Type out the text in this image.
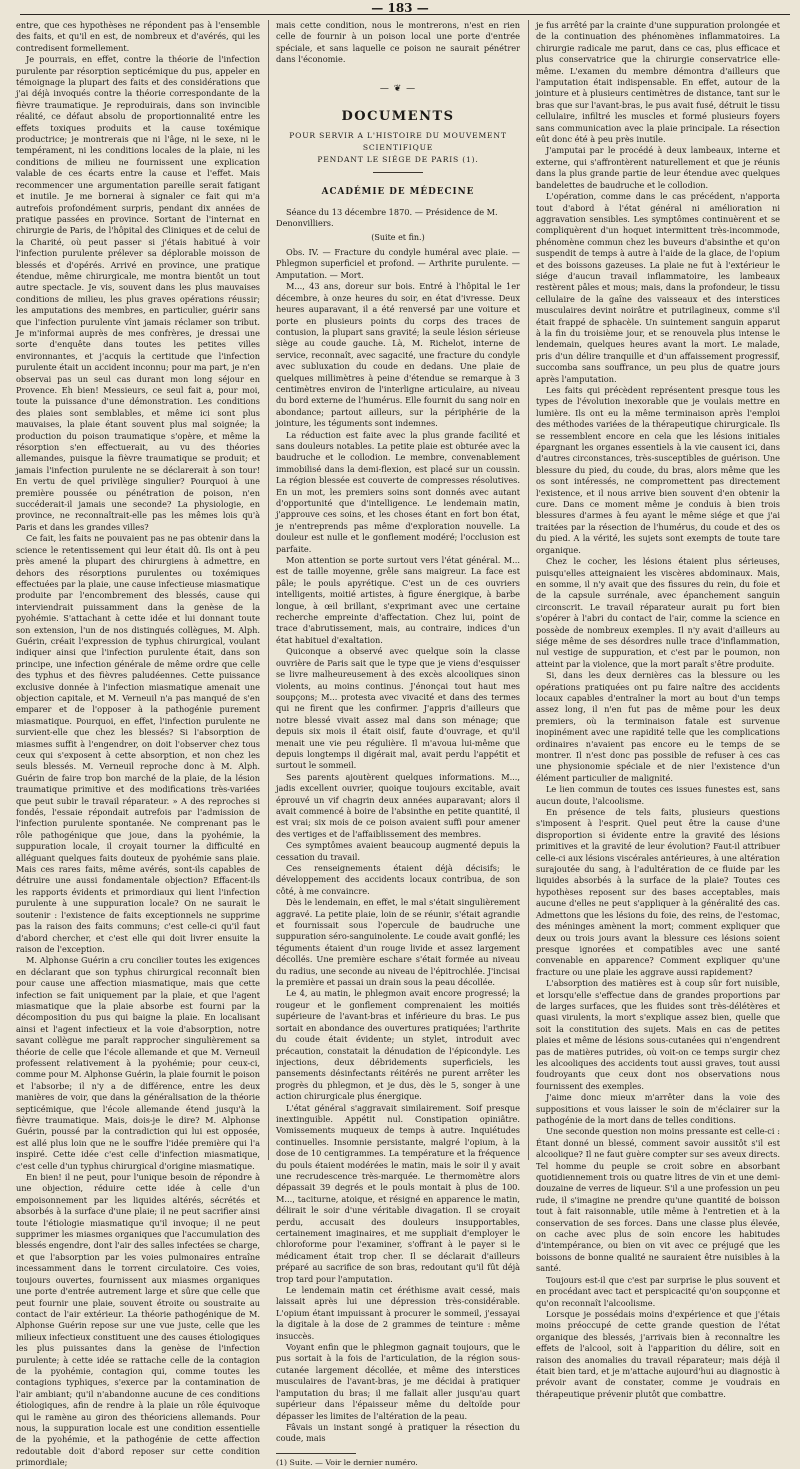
— 183 —

entre, que ces hypothèses ne répondent pas à l'ensemble des faits, et qu'il en est, de nombreux et d'avérés, qui les contredisent formellement.

Je pourrais, en effet, contre la théorie de l'infection purulente par résorption septicémique du pus, appeler en témoignage la plupart des faits et des considérations que j'ai déjà invoqués contre la théorie correspondante de la fièvre traumatique. Je reproduirais, dans son invincible réalité, ce défaut absolu de proportionnalité entre les effets toxiques produits et la cause toxémique productrice; je montrerais que ni l'âge, ni le sexe, ni le tempérament, ni les conditions locales de la plaie, ni les conditions de milieu ne fournissent une explication valable de ces écarts entre la cause et l'effet. Mais recommencer une argumentation pareille serait fatigant et inutile. Je me bornerai à signaler ce fait qui m'a autrefois profondément surpris, pendant dix années de pratique passées en province. Sortant de l'internat en chirurgie de Paris, de l'hôpital des Cliniques et de celui de la Charité, où peut passer si j'étais habitué à voir l'infection purulente prélever sa déplorable moisson de blessés et d'opérés. Arrivé en province, une pratique étendue, même chirurgicale, me montra bientôt un tout autre spectacle. Je vis, souvent dans les plus mauvaises conditions de milieu, les plus graves opérations réussir; les amputations des membres, en particulier, guérir sans que l'infection purulente vînt jamais réclamer son tribut. Je m'informai auprès de mes confrères, je dressai une sorte d'enquête dans toutes les petites villes environnantes, et j'acquis la certitude que l'infection purulente était un accident inconnu; pour ma part, je n'en observai pas un seul cas durant mon long séjour en Provence. Eh bien! Messieurs, ce seul fait a, pour moi, toute la puissance d'une démonstration. Les conditions des plaies sont semblables, et même ici sont plus mauvaises, la plaie étant souvent plus mal soignée; la production du poison traumatique s'opère, et même la résorption s'en effectuerait, au vu des théories allemandes, puisque la fièvre traumatique se produit; et jamais l'infection purulente ne se déclarerait à son tour! En vertu de quel privilège singulier? Pourquoi à une première poussée ou pénétration de poison, n'en succéderait-il jamais une seconde? La physiologie, en province, ne reconnaîtrait-elle pas les mêmes lois qu'à Paris et dans les grandes villes?

Ce fait, les faits ne pouvaient pas ne pas obtenir dans la science le retentissement qui leur était dû. Ils ont à peu près amené la plupart des chirurgiens à admettre, en dehors des résorptions purulentes ou toxémiques effectuées par la plaie, une cause infectieuse miasmatique produite par l'encombrement des blessés, cause qui interviendrait puissamment dans la genèse de la pyohémie. S'attachant à cette idée et lui donnant toute son extension, l'un de nos distingués collègues, M. Alph. Guérin, créait l'expression de typhus chirurgical, voulant indiquer ainsi que l'infection purulente était, dans son principe, une infection générale de même ordre que celle des typhus et des fièvres paludéennes. Cette puissance exclusive donnée à l'infection miasmatique amenait une objection capitale, et M. Verneuil n'a pas manqué de s'en emparer et de l'opposer à la pathogénie purement miasmatique. Pourquoi, en effet, l'infection purulente ne survient-elle que chez les blessés? Si l'absorption de miasmes suffit à l'engendrer, on doit l'observer chez tous ceux qui s'exposent à cette absorption, et non chez les seuls blessés. M. Verneuil reproche donc à M. Alph. Guérin de faire trop bon marché de la plaie, de la lésion traumatique primitive et des modifications très-variées que peut subir le travail réparateur. » A des reproches si fondés, l'essaie répondait autrefois par l'admission de l'infection purulente spontanée. Ne comprenant pas le rôle pathogénique que joue, dans la pyohémie, la suppuration locale, il croyait tourner la difficulté en alléguant quelques faits douteux de pyohémie sans plaie. Mais ces rares faits, même avérés, sont-ils capables de détruire une aussi fondamentale objection? Effacent-ils les rapports évidents et primordiaux qui lient l'infection purulente à une suppuration locale? On ne saurait le soutenir : l'existence de faits exceptionnels ne supprime pas la raison des faits communs; c'est celle-ci qu'il faut d'abord chercher, et c'est elle qui doit livrer ensuite la raison de l'exception.

M. Alphonse Guérin a cru concilier toutes les exigences en déclarant que son typhus chirurgical reconnaît bien pour cause une affection miasmatique, mais que cette infection se fait uniquement par la plaie, et que l'agent miasmatique que la plaie absorbe est fourni par la décomposition du pus qui baigne la plaie. En localisant ainsi et l'agent infectieux et la voie d'absorption, notre savant collègue me paraît rapprocher singulièrement sa théorie de celle que l'école allemande et que M. Verneuil professent relativement à la pyohémie; pour ceux-ci, comme pour M. Alphonse Guérin, la plaie fournit le poison et l'absorbe; il n'y a de différence, entre les deux manières de voir, que dans la généralisation de la théorie septicémique, que l'école allemande étend jusqu'à la fièvre traumatique. Mais, dois-je le dire? M. Alphonse Guérin, poussé par la contradiction qui lui est opposée, est allé plus loin que ne le souffre l'idée première qui l'a inspiré. Cette idée c'est celle d'infection miasmatique, c'est celle d'un typhus chirurgical d'origine miasmatique.

En bien! il ne peut, pour l'unique besoin de répondre à une objection, réduire cette idée à celle d'un empoisonnement par les liquides altérés, sécrétés et absorbés à la surface d'une plaie; il ne peut sacrifier ainsi toute l'étiologie miasmatique qu'il invoque; il ne peut supprimer les miasmes organiques que l'accumulation des blessés engendre, dont l'air des salles infectées se charge, et que l'absorption par les voies pulmonaires entraîne incessamment dans le torrent circulatoire. Ces voies, toujours ouvertes, fournissent aux miasmes organiques une porte d'entrée autrement large et sûre que celle que peut fournir une plaie, souvent étroite ou soustraite au contact de l'air extérieur. La théorie pathogénique de M. Alphonse Guérin repose sur une vue juste, celle que les milieux infectieux constituent une des causes étiologiques les plus puissantes dans la genèse de l'infection purulente; à cette idée se rattache celle de la contagion de la pyohémie, contagion qui, comme toutes les contagions typhiques, s'exerce par la contamination de l'air ambiant; qu'il n'abandonne aucune de ces conditions étiologiques, afin de rendre à la plaie un rôle équivoque qui le ramène au giron des théoriciens allemands. Pour nous, la suppuration locale est une condition essentielle de la pyohémie, et la pathogénie de cette affection redoutable doit d'abord reposer sur cette condition primordiale;

mais cette condition, nous le montrerons, n'est en rien celle de fournir à un poison local une porte d'entrée spéciale, et sans laquelle ce poison ne saurait pénétrer dans l'économie.

— ❦ —
DOCUMENTS
POUR SERVIR A L'HISTOIRE DU MOUVEMENT SCIENTIFIQUE
PENDANT LE SIÉGE DE PARIS (1).
ACADÉMIE DE MÉDECINE

Séance du 13 décembre 1870. — Présidence de M. Denonvilliers.

(Suite et fin.)

Obs. IV. — Fracture du condyle huméral avec plaie. — Phlegmon superficiel et profond. — Arthrite purulente. — Amputation. — Mort.

M..., 43 ans, doreur sur bois. Entré à l'hôpital le 1er décembre, à onze heures du soir, en état d'ivresse. Deux heures auparavant, il a été renversé par une voiture et porte en plusieurs points du corps des traces de contusion, la plupart sans gravité; la seule lésion sérieuse siège au coude gauche. Là, M. Richelot, interne de service, reconnaît, avec sagacité, une fracture du condyle avec subluxation du coude en dedans. Une plaie de quelques millimètres à peine d'étendue se remarque à 3 centimètres environ de l'interligne articulaire, au niveau du bord externe de l'humérus. Elle fournit du sang noir en abondance; partout ailleurs, sur la périphérie de la jointure, les téguments sont indemnes.

La réduction est faite avec la plus grande facilité et sans douleurs notables. La petite plaie est obturée avec la baudruche et le collodion. Le membre, convenablement immobilisé dans la demi-flexion, est placé sur un coussin. La région blessée est couverte de compresses résolutives. En un mot, les premiers soins sont donnés avec autant d'opportunité que d'intelligence. Le lendemain matin, j'approuve ces soins, et les choses étant en fort bon état, je n'entreprends pas même d'exploration nouvelle. La douleur est nulle et le gonflement modéré; l'occlusion est parfaite.

Mon attention se porte surtout vers l'état général. M... est de taille moyenne, grêle sans maigreur. La face est pâle; le pouls apyrétique. C'est un de ces ouvriers intelligents, moitié artistes, à figure énergique, à barbe longue, à œil brillant, s'exprimant avec une certaine recherche empreinte d'affectation. Chez lui, point de trace d'abrutissement, mais, au contraire, indices d'un état habituel d'exaltation.

Quiconque a observé avec quelque soin la classe ouvrière de Paris sait que le type que je viens d'esquisser se livre malheureusement à des excès alcooliques sinon violents, au moins continus. J'énonçai tout haut mes soupçons; M... protesta avec vivacité et dans des termes qui ne firent que les confirmer. J'appris d'ailleurs que notre blessé vivait assez mal dans son ménage; que depuis six mois il était oisif, faute d'ouvrage, et qu'il menait une vie peu régulière. Il m'avoua lui-même que depuis longtemps il digérait mal, avait perdu l'appétit et surtout le sommeil.

Ses parents ajoutèrent quelques informations. M..., jadis excellent ouvrier, quoique toujours excitable, avait éprouvé un vif chagrin deux années auparavant; alors il avait commencé à boire de l'absinthe en petite quantité, il est vrai; six mois de ce poison avaient suffi pour amener des vertiges et de l'affaiblissement des membres.

Ces symptômes avaient beaucoup augmenté depuis la cessation du travail.

Ces renseignements étaient déjà décisifs; le développement des accidents locaux contribua, de son côté, à me convaincre.

Dès le lendemain, en effet, le mal s'était singulièrement aggravé. La petite plaie, loin de se réunir, s'était agrandie et fournissait sous l'opercule de baudruche une suppuration séro-sanguinolente. Le coude avait gonflé; les téguments étaient d'un rouge livide et assez largement décollés. Une première eschare s'était formée au niveau du radius, une seconde au niveau de l'épitrochlée. J'incisai la première et passai un drain sous la peau décollée.

Le 4, au matin, le phlegmon avait encore progressé; la rougeur et le gonflement comprenaient les moitiés supérieure de l'avant-bras et inférieure du bras. Le pus sortait en abondance des ouvertures pratiquées; l'arthrite du coude était évidente; un stylet, introduit avec précaution, constatait la dénudation de l'épicondyle. Les injections, deux débridements superficiels, les pansements désinfectants réitérés ne purent arrêter les progrès du phlegmon, et je dus, dès le 5, songer à une action chirurgicale plus énergique.

L'état général s'aggravait similairement. Soif presque inextinguible. Appétit nul. Constipation opiniâtre. Vomissements muqueux de temps à autre. Inquiétudes continuelles. Insomnie persistante, malgré l'opium, à la dose de 10 centigrammes. La température et la fréquence du pouls étaient modérées le matin, mais le soir il y avait une recrudescence très-marquée. Le thermomètre alors dépassait 39 degrés et le pouls montait à plus de 100. M..., taciturne, atoique, et résigné en apparence le matin, délirait le soir d'une véritable divagation. Il se croyait perdu, accusait des douleurs insupportables, certainement imaginaires, et me suppliait d'employer le chloroforme pour l'examiner, s'offrant à le payer si le médicament était trop cher. Il se déclarait d'ailleurs préparé au sacrifice de son bras, redoutant qu'il fût déjà trop tard pour l'amputation.

Le lendemain matin cet éréthisme avait cessé, mais laissait après lui une dépression très-considérable. L'opium étant impuissant à procurer le sommeil, j'essayai la digitale à la dose de 2 grammes de teinture : même insuccès.

Voyant enfin que le phlegmon gagnait toujours, que le pus sortait à la fois de l'articulation, de la région sous-cutanée largement décollée, et même des interstices musculaires de l'avant-bras, je me décidai à pratiquer l'amputation du bras; il me fallait aller jusqu'au quart supérieur dans l'épaisseur même du deltoïde pour dépasser les limites de l'altération de la peau.

Fâvais un instant songé à pratiquer la résection du coude, mais

(1) Suite. — Voir le dernier numéro.

je fus arrêté par la crainte d'une suppuration prolongée et de la continuation des phénomènes inflammatoires. La chirurgie radicale me parut, dans ce cas, plus efficace et plus conservatrice que la chirurgie conservatrice elle-même. L'examen du membre démontra d'ailleurs que l'amputation était indispensable. En effet, autour de la jointure et à plusieurs centimètres de distance, tant sur le bras que sur l'avant-bras, le pus avait fusé, détruit le tissu cellulaire, infiltré les muscles et formé plusieurs foyers sans communication avec la plaie principale. La résection eût donc été à peu près inutile.

J'amputai par le procédé à deux lambeaux, interne et externe, qui s'affrontèrent naturellement et que je réunis dans la plus grande partie de leur étendue avec quelques bandelettes de baudruche et le collodion.

L'opération, comme dans le cas précédent, n'apporta tout d'abord à l'état général ni amélioration ni aggravation sensibles. Les symptômes continuèrent et se compliquèrent d'un hoquet intermittent très-incommode, phénomène commun chez les buveurs d'absinthe et qu'on suspendit de temps à autre à l'aide de la glace, de l'opium et des boissons gazeuses. La plaie ne fut à l'extérieur le siége d'aucun travail inflammatoire, les lambeaux restèrent pâles et mous; mais, dans la profondeur, le tissu cellulaire de la gaîne des vaisseaux et des interstices musculaires devint noirâtre et putrilagineux, comme s'il était frappé de sphacèle. Un suintement sanguin apparut à la fin du troisième jour, et se renouvela plus intense le lendemain, quelques heures avant la mort. Le malade, pris d'un délire tranquille et d'un affaissement progressif, succomba sans souffrance, un peu plus de quatre jours après l'amputation.

Les faits qui précèdent représentent presque tous les types de l'évolution inexorable que je voulais mettre en lumière. Ils ont eu la même terminaison après l'emploi des méthodes variées de la thérapeutique chirurgicale. Ils se ressemblent encore en cela que les lésions initiales épargnant les organes essentiels à la vie causent ici, dans d'autres circonstances, très-susceptibles de guérison. Une blessure du pied, du coude, du bras, alors même que les os sont intéressés, ne compromettent pas directement l'existence, et il nous arrive bien souvent d'en obtenir la cure. Dans ce moment même je conduis à bien trois blessures d'armes à feu ayant le même siége et que j'ai traitées par la résection de l'humérus, du coude et des os du pied. A la vérité, les sujets sont exempts de toute tare organique.

Chez le cocher, les lésions étaient plus sérieuses, puisqu'elles atteignaient les viscères abdominaux. Mais, en somme, il n'y avait que des fissures du rein, du foie et de la capsule surrénale, avec épanchement sanguin circonscrit. Le travail réparateur aurait pu fort bien s'opérer à l'abri du contact de l'air, comme la science en possède de nombreux exemples. Il n'y avait d'ailleurs au siége même de ses désordres nulle trace d'inflammation, nul vestige de suppuration, et c'est par le poumon, non atteint par la violence, que la mort paraît s'être produite.

Si, dans les deux dernières cas la blessure ou les opérations pratiquées ont pu faire naître des accidents locaux capables d'entraîner la mort au bout d'un temps assez long, il n'en fut pas de même pour les deux premiers, où la terminaison fatale est survenue inopinément avec une rapidité telle que les complications ordinaires n'avaient pas encore eu le temps de se montrer. Il n'est donc pas possible de refuser à ces cas une physionomie spéciale et de nier l'existence d'un élément particulier de malignité.

Le lien commun de toutes ces issues funestes est, sans aucun doute, l'alcoolisme.

En présence de tels faits, plusieurs questions s'imposent à l'esprit. Quel peut être la cause d'une disproportion si évidente entre la gravité des lésions primitives et la gravité de leur évolution? Faut-il attribuer celle-ci aux lésions viscérales antérieures, à une altération surajoutée du sang, à l'adultération de ce fluide par les liquides absorbés à la surface de la plaie? Toutes ces hypothèses reposent sur des bases acceptables, mais aucune d'elles ne peut s'appliquer à la généralité des cas. Admettons que les lésions du foie, des reins, de l'estomac, des méninges amènent la mort; comment expliquer que deux ou trois jours avant la blessure ces lésions soient presque ignorées et compatibles avec une santé convenable en apparence? Comment expliquer qu'une fracture ou une plaie les aggrave aussi rapidement?

L'absorption des matières est à coup sûr fort nuisible, et lorsqu'elle s'effectue dans de grandes proportions par de larges surfaces, que les fluides sont très-délétères et quasi virulents, la mort s'explique assez bien, quelle que soit la constitution des sujets. Mais en cas de petites plaies et même de lésions sous-cutanées qui n'engendrent pas de matières putrides, où voit-on ce temps surgir chez les alcooliques des accidents tout aussi graves, tout aussi foudroyants que ceux dont nos observations nous fournissent des exemples.

J'aime donc mieux m'arrêter dans la voie des suppositions et vous laisser le soin de m'éclairer sur la pathogénie de la mort dans de telles conditions.

Une seconde question non moins pressante est celle-ci : Étant donné un blessé, comment savoir aussitôt s'il est alcoolique? Il ne faut guère compter sur ses aveux directs. Tel homme du peuple se croit sobre en absorbant quotidiennement trois ou quatre litres de vin et une demi-douzaine de verres de liqueur. S'il a une profession un peu rude, il s'imagine ne prendre qu'une quantité de boisson tout à fait raisonnable, utile même à l'entretien et à la conservation de ses forces. Dans une classe plus élevée, on cache avec plus de soin encore les habitudes d'intempérance, ou bien on vit avec ce préjugé que les boissons de bonne qualité ne sauraient être nuisibles à la santé.

Toujours est-il que c'est par surprise le plus souvent et en procédant avec tact et perspicacité qu'on soupçonne et qu'on reconnaît l'alcoolisme.

Lorsque je possédais moins d'expérience et que j'étais moins préoccupé de cette grande question de l'état organique des blessés, j'arrivais bien à reconnaître les effets de l'alcool, soit à l'apparition du délire, soit en raison des anomalies du travail réparateur; mais déjà il était bien tard, et je m'attache aujourd'hui au diagnostic à prévoir avant de constater, comme je voudrais en thérapeutique prévenir plutôt que combattre.
